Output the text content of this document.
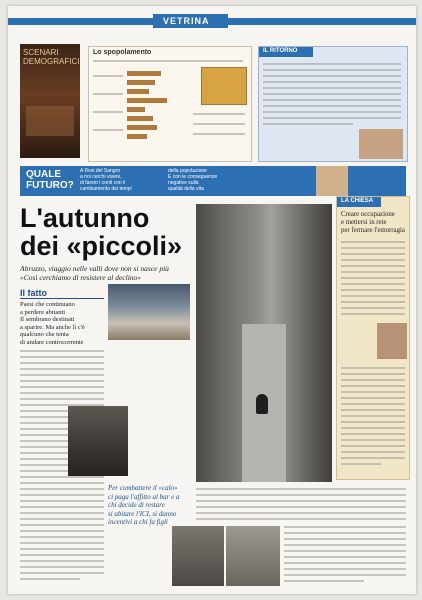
VETRINA
SCENARI
DEMOGRAFICI
Lo spopolamento	IL RITORNO
QUALE
FUTURO?
A Rosi del Sangro
a noi cerchi vivere,
di fareio i conti con il
cambiamento dei tempi
della popolazione
E con le conseguenze
negative sulla
qualità della vita
L'autunno
dei «piccoli»
Abruzzo, viaggio nelle valli dove non si nasce più
«Così cerchiamo di resistere al declino»
Il fatto
Paesi che continuano
a perdere abitanti
Il sembrano destinati
a sparire. Ma anche lì c'è
qualcuno che tenta
di andare controcorrente
LA CHIESA
Creare occupazione
e mettersi in rete
per fermare l'emorragia
Per combattere il «calo»
ci paga l'affitto al bar e a
chi decide di restare
si abitare l'ICI, si danno
incentivi a chi fa figli
